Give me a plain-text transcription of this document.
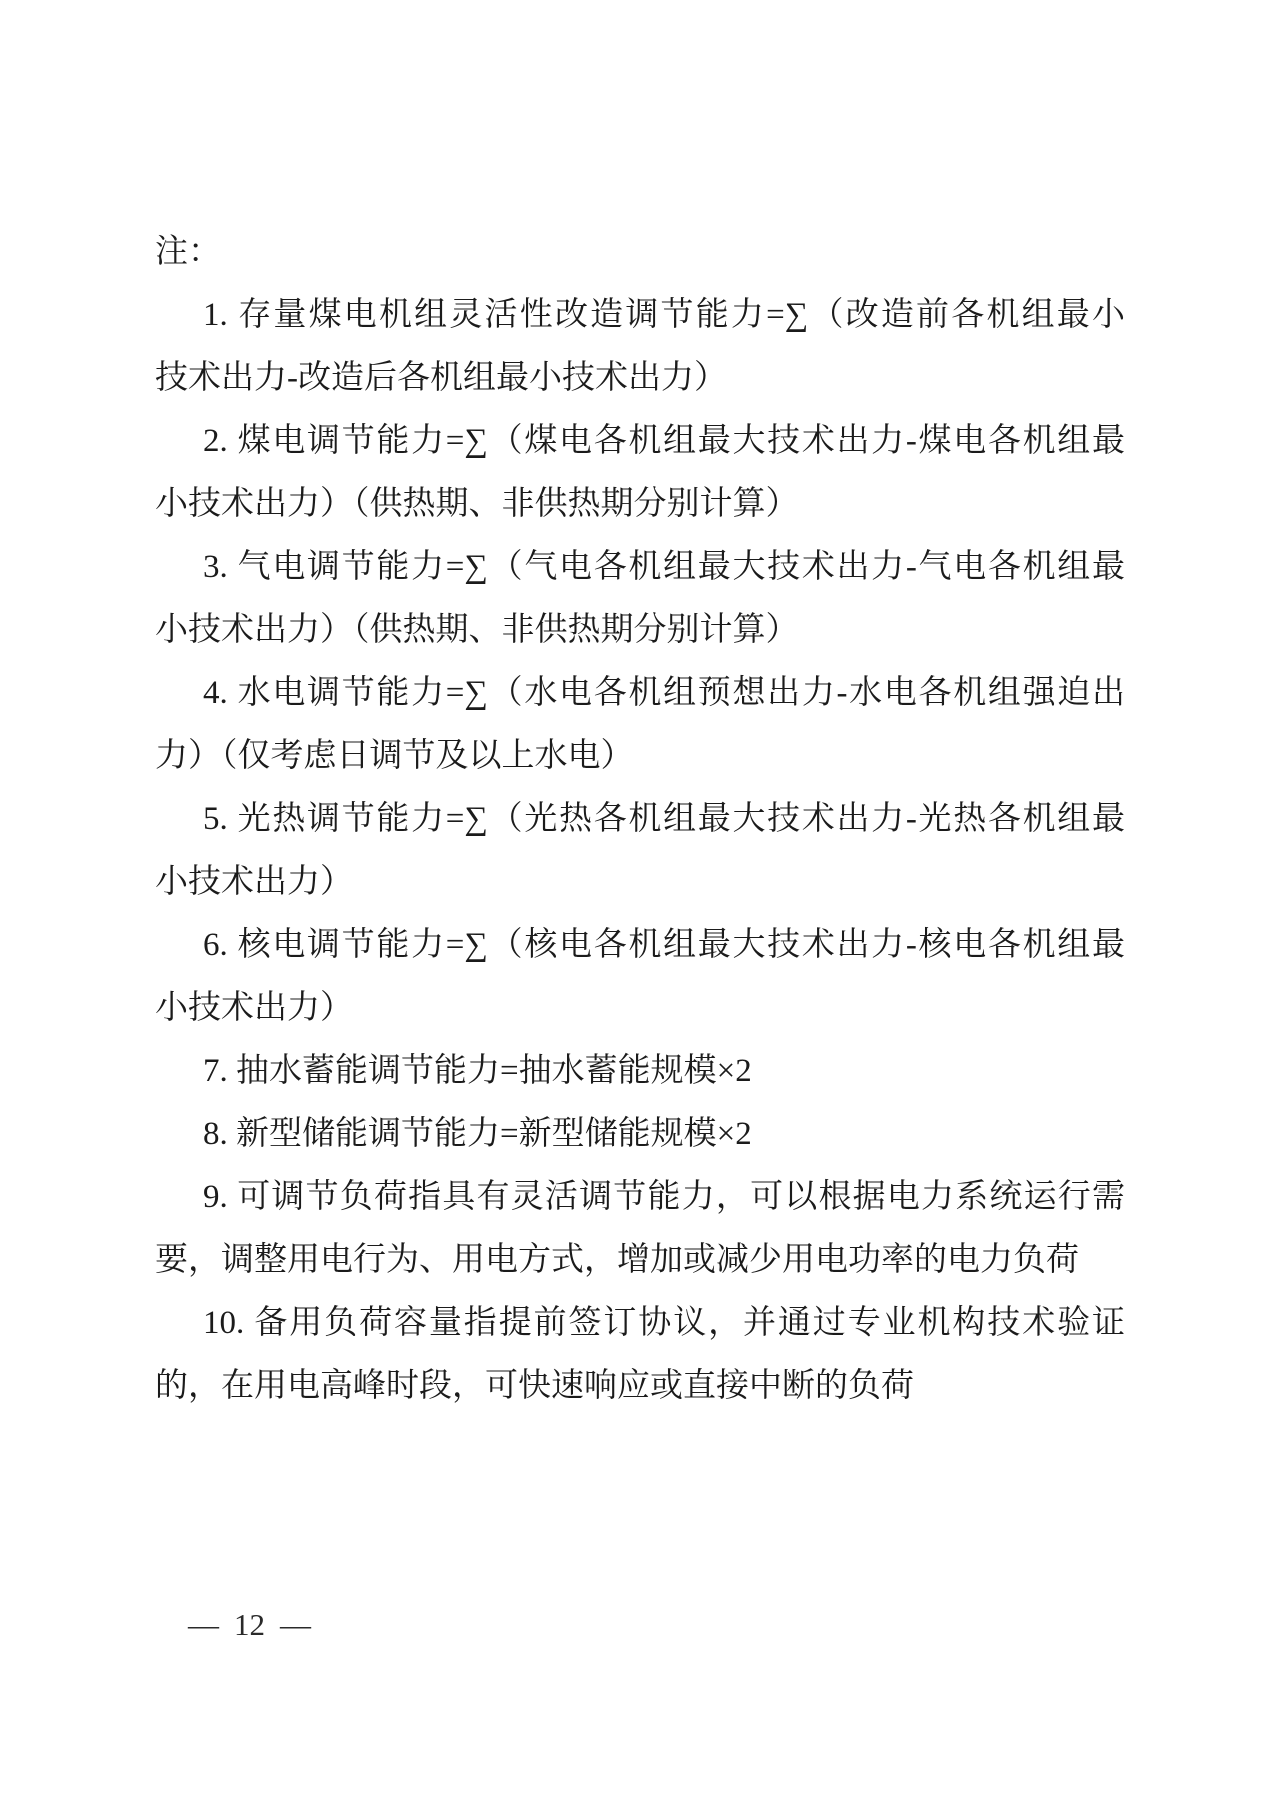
注：
1. 存量煤电机组灵活性改造调节能力=∑（改造前各机组最小
技术出力-改造后各机组最小技术出力）
2. 煤电调节能力=∑（煤电各机组最大技术出力-煤电各机组最
小技术出力）（供热期、非供热期分别计算）
3. 气电调节能力=∑（气电各机组最大技术出力-气电各机组最
小技术出力）（供热期、非供热期分别计算）
4. 水电调节能力=∑（水电各机组预想出力-水电各机组强迫出
力）（仅考虑日调节及以上水电）
5. 光热调节能力=∑（光热各机组最大技术出力-光热各机组最
小技术出力）
6. 核电调节能力=∑（核电各机组最大技术出力-核电各机组最
小技术出力）
7. 抽水蓄能调节能力=抽水蓄能规模×2
8. 新型储能调节能力=新型储能规模×2
9. 可调节负荷指具有灵活调节能力，可以根据电力系统运行需
要，调整用电行为、用电方式，增加或减少用电功率的电力负荷
10. 备用负荷容量指提前签订协议，并通过专业机构技术验证
的，在用电高峰时段，可快速响应或直接中断的负荷
— 12 —
